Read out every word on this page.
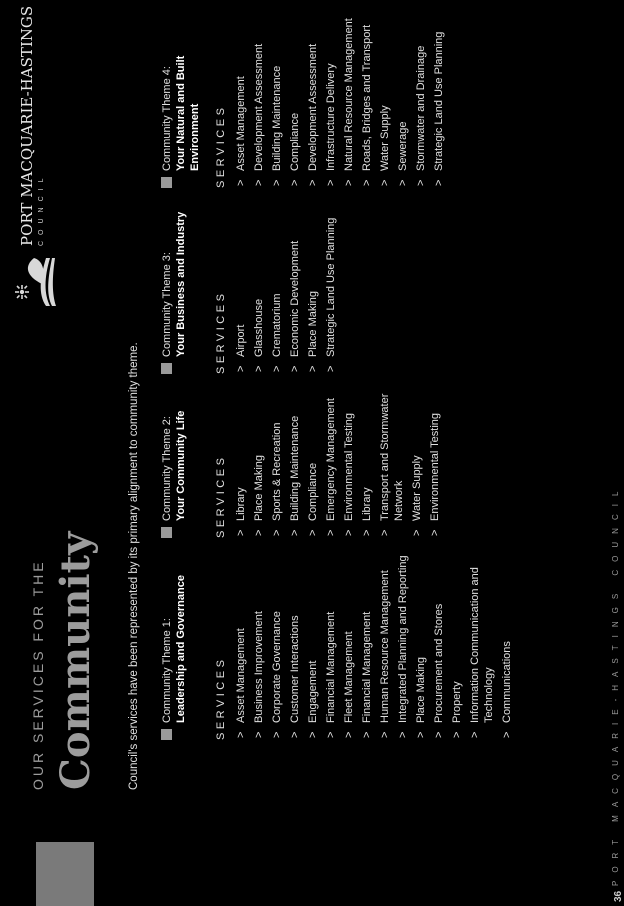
36
PORT MACQUARIE-HASTINGS COUNCIL
OUR SERVICES FOR THE Community	Council's services have been represented by its primary alignment to community theme.
PORT MACQUARIE-HASTINGS COUNCIL
Community Theme 1: Leadership and Governance	SERVICES > Asset Management > Business Improvement > Corporate Governance > Customer Interactions > Engagement > Financial Management > Fleet Management > Financial Management > Human Resource Management > Integrated Planning and Reporting > Place Making > Procurement and Stores > Property > Information Communication and Technology > Communications
Community Theme 2: Your Community Life	SERVICES > Library > Place Making > Sports & Recreation > Building Maintenance > Compliance > Emergency Management > Environmental Testing > Library > Transport and Stormwater Network > Water Supply > Environmental Testing
Community Theme 3: Your Business and Industry	SERVICES > Airport > Glasshouse > Crematorium > Economic Development > Place Making > Strategic Land Use Planning
Community Theme 4: Your Natural and Built Environment SERVICES > Asset Management > Development Assessment > Building Maintenance > Compliance > Development Assessment > Infrastructure Delivery > Natural Resource Management > Roads, Bridges and Transport > Water Supply > Sewerage > Stormwater and Drainage > Strategic Land Use Planning
